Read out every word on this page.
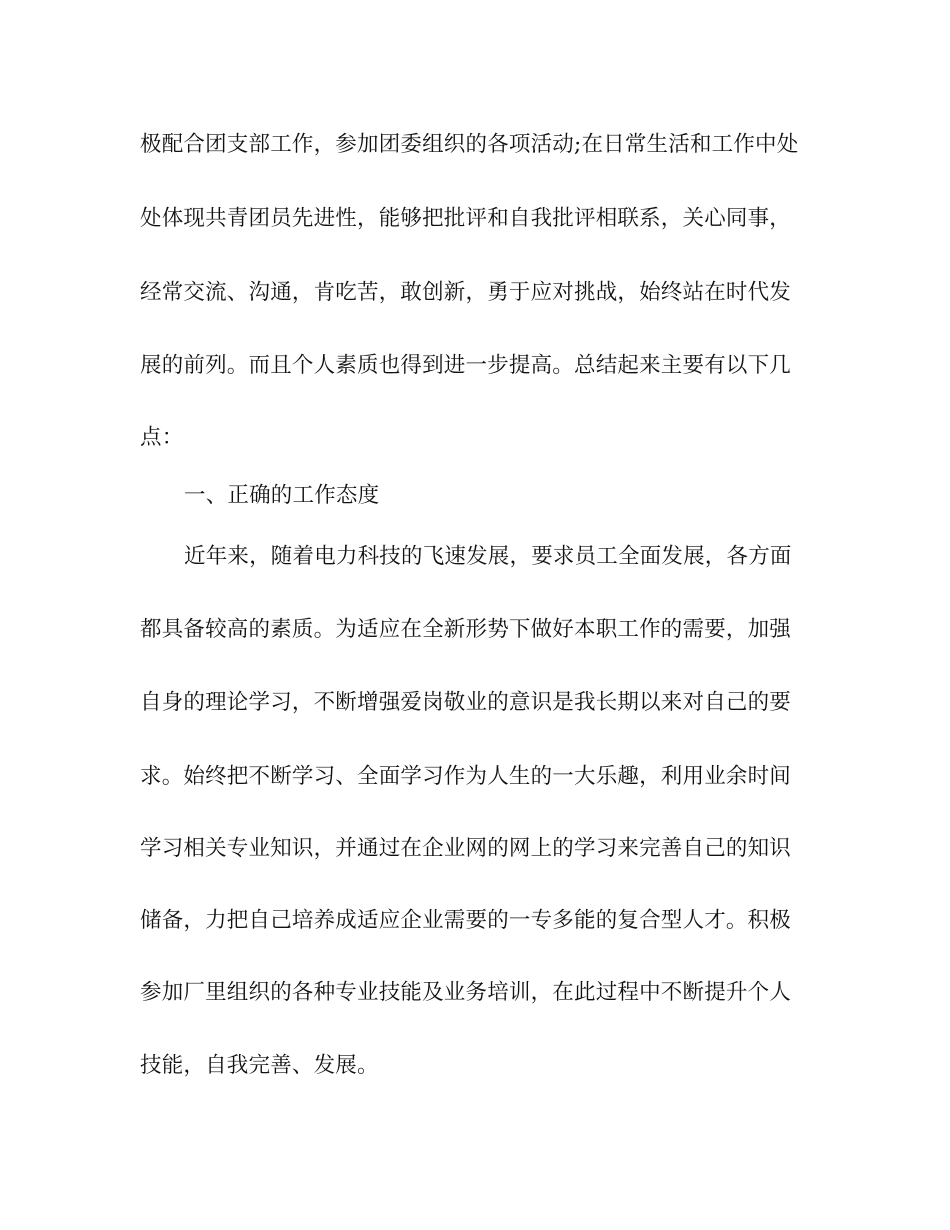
极配合团支部工作，参加团委组织的各项活动;在日常生活和工作中处
处体现共青团员先进性，能够把批评和自我批评相联系，关心同事，
经常交流、沟通，肯吃苦，敢创新，勇于应对挑战，始终站在时代发
展的前列。而且个人素质也得到进一步提高。总结起来主要有以下几
点：
一、正确的工作态度
近年来，随着电力科技的飞速发展，要求员工全面发展，各方面
都具备较高的素质。为适应在全新形势下做好本职工作的需要，加强
自身的理论学习，不断增强爱岗敬业的意识是我长期以来对自己的要
求。始终把不断学习、全面学习作为人生的一大乐趣，利用业余时间
学习相关专业知识，并通过在企业网的网上的学习来完善自己的知识
储备，力把自己培养成适应企业需要的一专多能的复合型人才。积极
参加厂里组织的各种专业技能及业务培训，在此过程中不断提升个人
技能，自我完善、发展。
